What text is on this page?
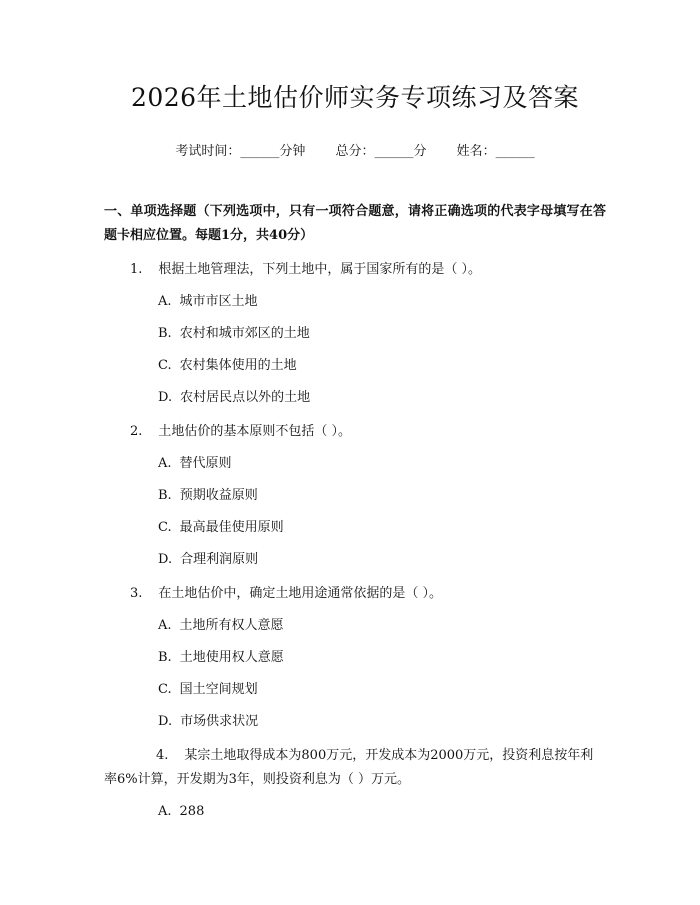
2026年土地估价师实务专项练习及答案
考试时间：______分钟 总分：______分 姓名：______
一、单项选择题（下列选项中，只有一项符合题意，请将正确选项的代表字母填写在答题卡相应位置。每题1分，共40分）
1. 根据土地管理法，下列土地中，属于国家所有的是（ ）。
A. 城市市区土地
B. 农村和城市郊区的土地
C. 农村集体使用的土地
D. 农村居民点以外的土地
2. 土地估价的基本原则不包括（ ）。
A. 替代原则
B. 预期收益原则
C. 最高最佳使用原则
D. 合理利润原则
3. 在土地估价中，确定土地用途通常依据的是（ ）。
A. 土地所有权人意愿
B. 土地使用权人意愿
C. 国土空间规划
D. 市场供求状况
4. 某宗土地取得成本为800万元，开发成本为2000万元，投资利息按年利率6%计算，开发期为3年，则投资利息为（ ）万元。
A. 288
